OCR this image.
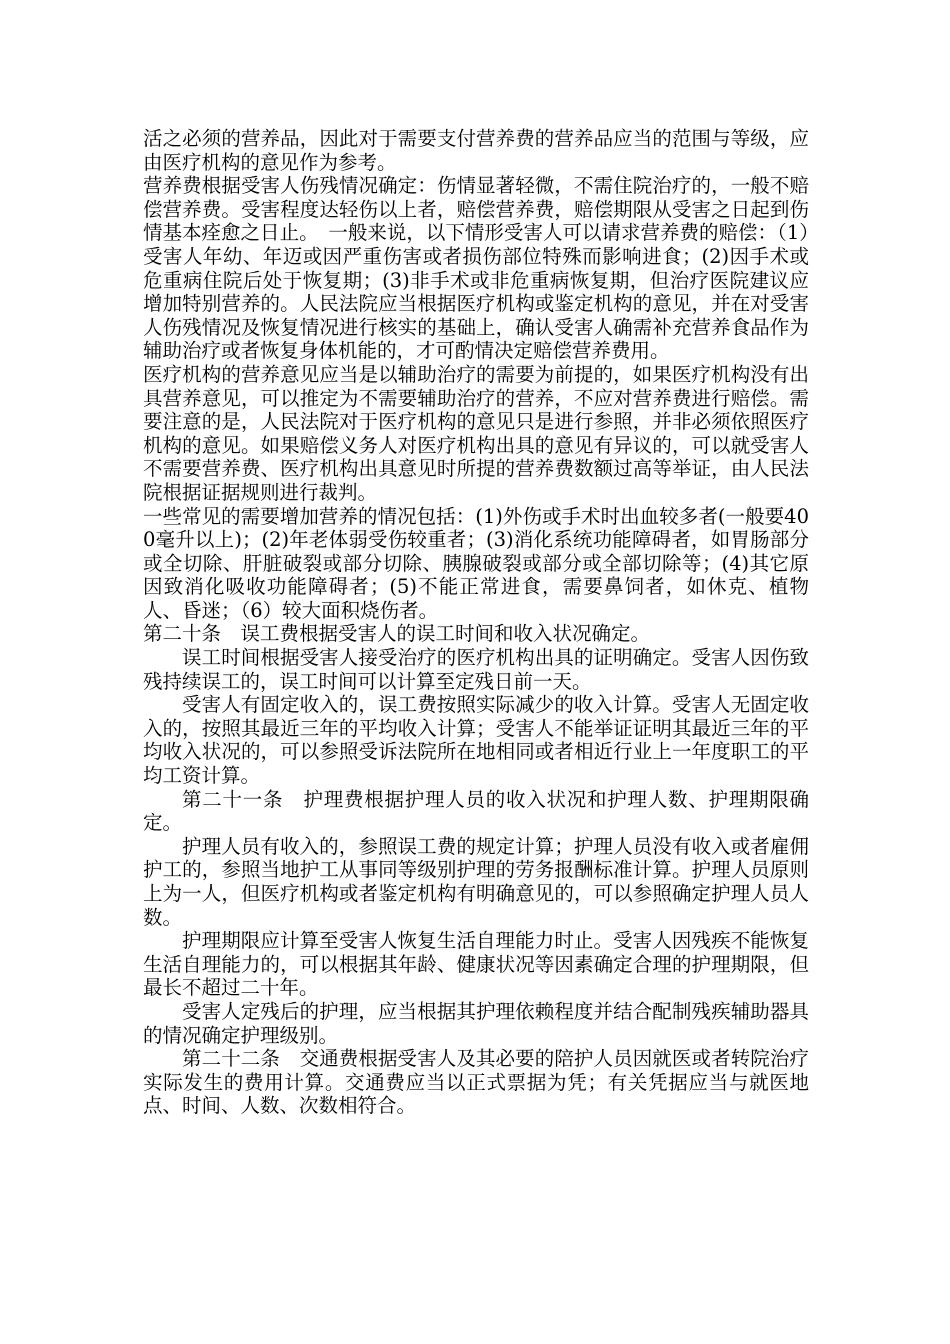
活之必须的营养品，因此对于需要支付营养费的营养品应当的范围与等级，应由医疗机构的意见作为参考。

营养费根据受害人伤残情况确定：伤情显著轻微，不需住院治疗的，一般不赔偿营养费。受害程度达轻伤以上者，赔偿营养费，赔偿期限从受害之日起到伤情基本痊愈之日止。　一般来说，以下情形受害人可以请求营养费的赔偿：（1）受害人年幼、年迈或因严重伤害或者损伤部位特殊而影响进食；(2)因手术或危重病住院后处于恢复期；(3)非手术或非危重病恢复期，但治疗医院建议应增加特别营养的。人民法院应当根据医疗机构或鉴定机构的意见，并在对受害人伤残情况及恢复情况进行核实的基础上，确认受害人确需补充营养食品作为辅助治疗或者恢复身体机能的，才可酌情决定赔偿营养费用。

医疗机构的营养意见应当是以辅助治疗的需要为前提的，如果医疗机构没有出具营养意见，可以推定为不需要辅助治疗的营养，不应对营养费进行赔偿。需要注意的是，人民法院对于医疗机构的意见只是进行参照，并非必须依照医疗机构的意见。如果赔偿义务人对医疗机构出具的意见有异议的，可以就受害人不需要营养费、医疗机构出具意见时所提的营养费数额过高等举证，由人民法院根据证据规则进行裁判。

一些常见的需要增加营养的情况包括：(1)外伤或手术时出血较多者(一般要400毫升以上)；(2)年老体弱受伤较重者；(3)消化系统功能障碍者，如胃肠部分或全切除、肝脏破裂或部分切除、胰腺破裂或部分或全部切除等；(4)其它原因致消化吸收功能障碍者；(5)不能正常进食，需要鼻饲者，如休克、植物人、昏迷；（6）较大面积烧伤者。

第二十条　误工费根据受害人的误工时间和收入状况确定。

误工时间根据受害人接受治疗的医疗机构出具的证明确定。受害人因伤致残持续误工的，误工时间可以计算至定残日前一天。

受害人有固定收入的，误工费按照实际减少的收入计算。受害人无固定收入的，按照其最近三年的平均收入计算；受害人不能举证证明其最近三年的平均收入状况的，可以参照受诉法院所在地相同或者相近行业上一年度职工的平均工资计算。

第二十一条　护理费根据护理人员的收入状况和护理人数、护理期限确定。

护理人员有收入的，参照误工费的规定计算；护理人员没有收入或者雇佣护工的，参照当地护工从事同等级别护理的劳务报酬标准计算。护理人员原则上为一人，但医疗机构或者鉴定机构有明确意见的，可以参照确定护理人员人数。

护理期限应计算至受害人恢复生活自理能力时止。受害人因残疾不能恢复生活自理能力的，可以根据其年龄、健康状况等因素确定合理的护理期限，但最长不超过二十年。

受害人定残后的护理，应当根据其护理依赖程度并结合配制残疾辅助器具的情况确定护理级别。

第二十二条　交通费根据受害人及其必要的陪护人员因就医或者转院治疗实际发生的费用计算。交通费应当以正式票据为凭；有关凭据应当与就医地点、时间、人数、次数相符合。
